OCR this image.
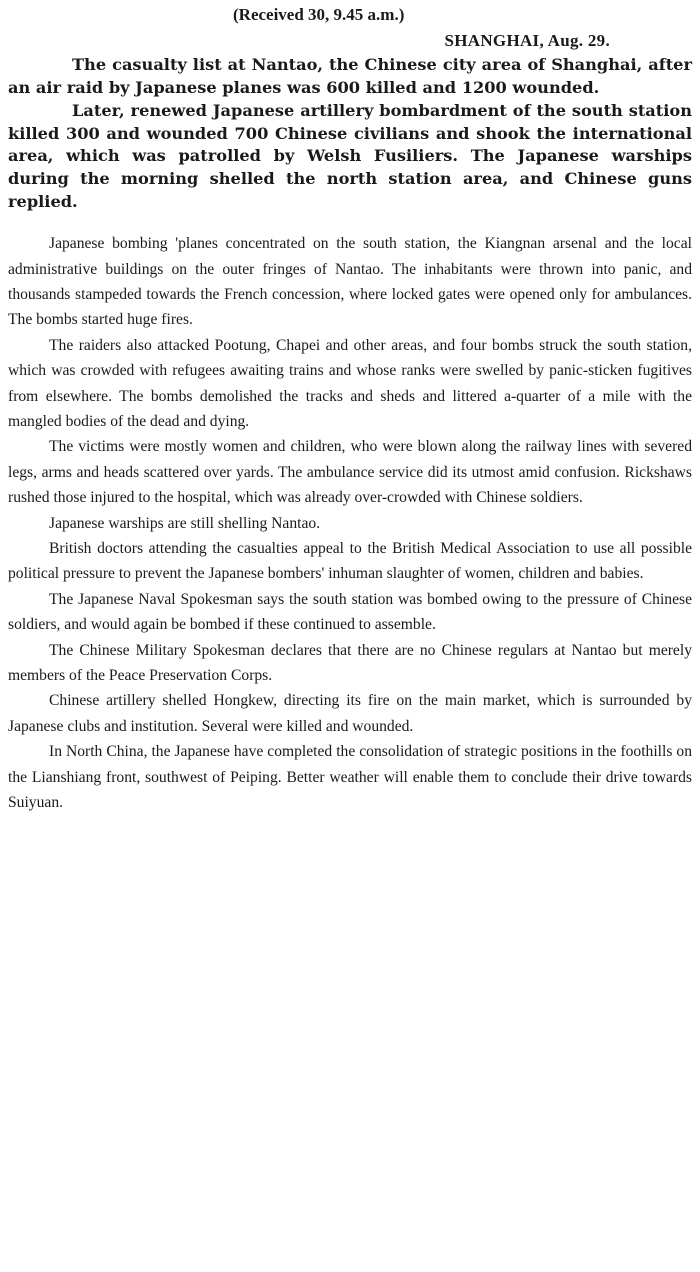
(Received 30, 9.45 a.m.)

SHANGHAI, Aug. 29.

The casualty list at Nantao, the Chinese city area of Shanghai, after an air raid by Japanese planes was 600 killed and 1200 wounded.

Later, renewed Japanese artillery bombardment of the south station killed 300 and wounded 700 Chinese civilians and shook the international area, which was patrolled by Welsh Fusiliers. The Japanese warships during the morning shelled the north station area, and Chinese guns replied.

Japanese bombing 'planes concentrated on the south station, the Kiangnan arsenal and the local administrative buildings on the outer fringes of Nantao. The inhabitants were thrown into panic, and thousands stampeded towards the French concession, where locked gates were opened only for ambulances. The bombs started huge fires.

The raiders also attacked Pootung, Chapei and other areas, and four bombs struck the south station, which was crowded with refugees awaiting trains and whose ranks were swelled by panic-sticken fugitives from elsewhere. The bombs demolished the tracks and sheds and littered a-quarter of a mile with the mangled bodies of the dead and dying.

The victims were mostly women and children, who were blown along the railway lines with severed legs, arms and heads scattered over yards. The ambulance service did its utmost amid confusion. Rickshaws rushed those injured to the hospital, which was already over-crowded with Chinese soldiers.

Japanese warships are still shelling Nantao.

British doctors attending the casualties appeal to the British Medical Association to use all possible political pressure to prevent the Japanese bombers' inhuman slaughter of women, children and babies.

The Japanese Naval Spokesman says the south station was bombed owing to the pressure of Chinese soldiers, and would again be bombed if these continued to assemble.

The Chinese Military Spokesman declares that there are no Chinese regulars at Nantao but merely members of the Peace Preservation Corps.

Chinese artillery shelled Hongkew, directing its fire on the main market, which is surrounded by Japanese clubs and institution. Several were killed and wounded.

In North China, the Japanese have completed the consolidation of strategic positions in the foothills on the Lianshiang front, southwest of Peiping. Better weather will enable them to conclude their drive towards Suiyuan.
